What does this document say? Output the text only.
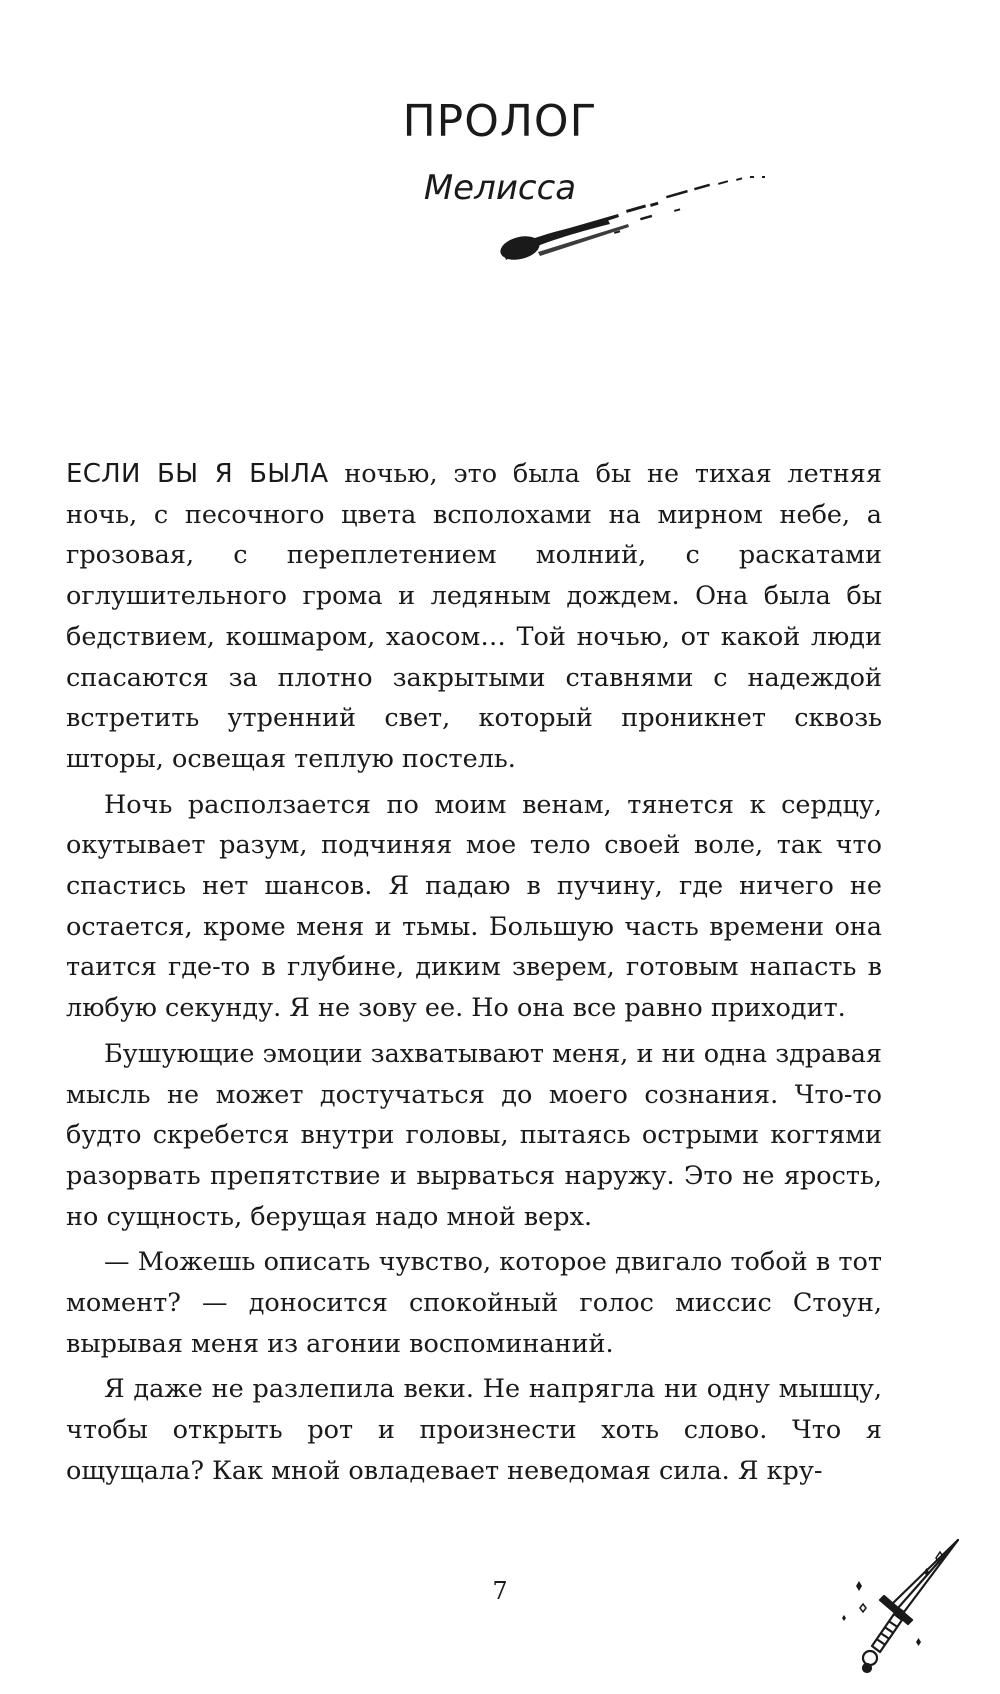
ПРОЛОГ
Мелисса

ЕСЛИ БЫ Я БЫЛА ночью, это была бы не тихая летняя ночь, с песочного цвета всполохами на мирном небе, а грозовая, с переплетением молний, с раскатами оглушительного грома и ледяным дождем. Она была бы бедствием, кошмаром, хаосом… Той ночью, от какой люди спасаются за плотно закрытыми ставнями с надеждой встретить утренний свет, который проникнет сквозь шторы, освещая теплую постель.

Ночь расползается по моим венам, тянется к сердцу, окутывает разум, подчиняя мое тело своей воле, так что спастись нет шансов. Я падаю в пучину, где ничего не остается, кроме меня и тьмы. Большую часть времени она таится где-то в глубине, диким зверем, готовым напасть в любую секунду. Я не зову ее. Но она все равно приходит.

Бушующие эмоции захватывают меня, и ни одна здравая мысль не может достучаться до моего сознания. Что-то будто скребется внутри головы, пытаясь острыми когтями разорвать препятствие и вырваться наружу. Это не ярость, но сущность, берущая надо мной верх.

— Можешь описать чувство, которое двигало тобой в тот момент? — доносится спокойный голос миссис Стоун, вырывая меня из агонии воспоминаний.

Я даже не разлепила веки. Не напрягла ни одну мышцу, чтобы открыть рот и произнести хоть слово. Что я ощущала? Как мной овладевает неведомая сила. Я кру-

7
